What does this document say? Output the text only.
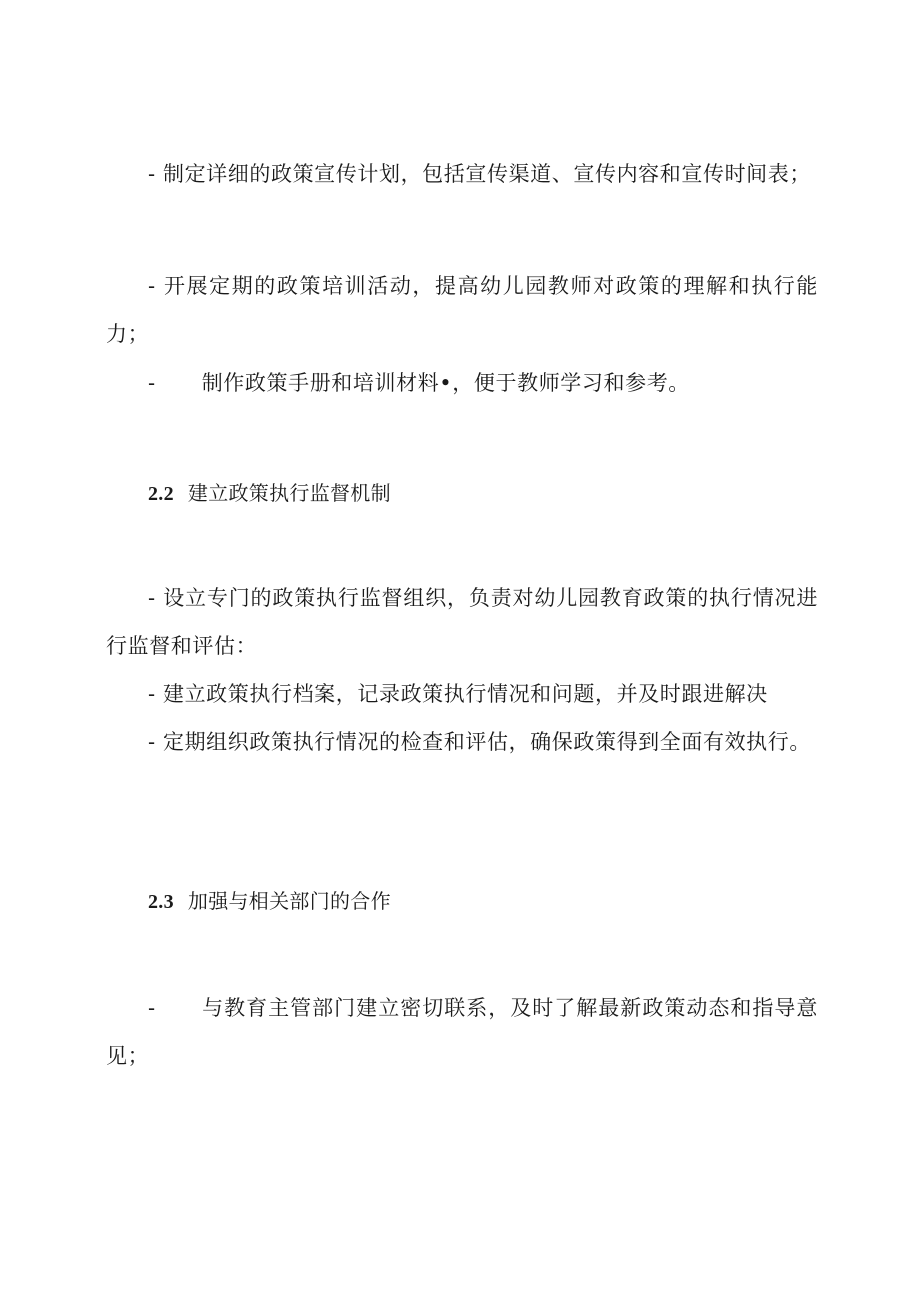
- 制定详细的政策宣传计划，包括宣传渠道、宣传内容和宣传时间表；

- 开展定期的政策培训活动，提高幼儿园教师对政策的理解和执行能力；

- 制作政策手册和培训材料•，便于教师学习和参考。

2.2 建立政策执行监督机制

- 设立专门的政策执行监督组织，负责对幼儿园教育政策的执行情况进行监督和评估：

- 建立政策执行档案，记录政策执行情况和问题，并及时跟进解决

- 定期组织政策执行情况的检查和评估，确保政策得到全面有效执行。

2.3 加强与相关部门的合作

- 与教育主管部门建立密切联系，及时了解最新政策动态和指导意见；
